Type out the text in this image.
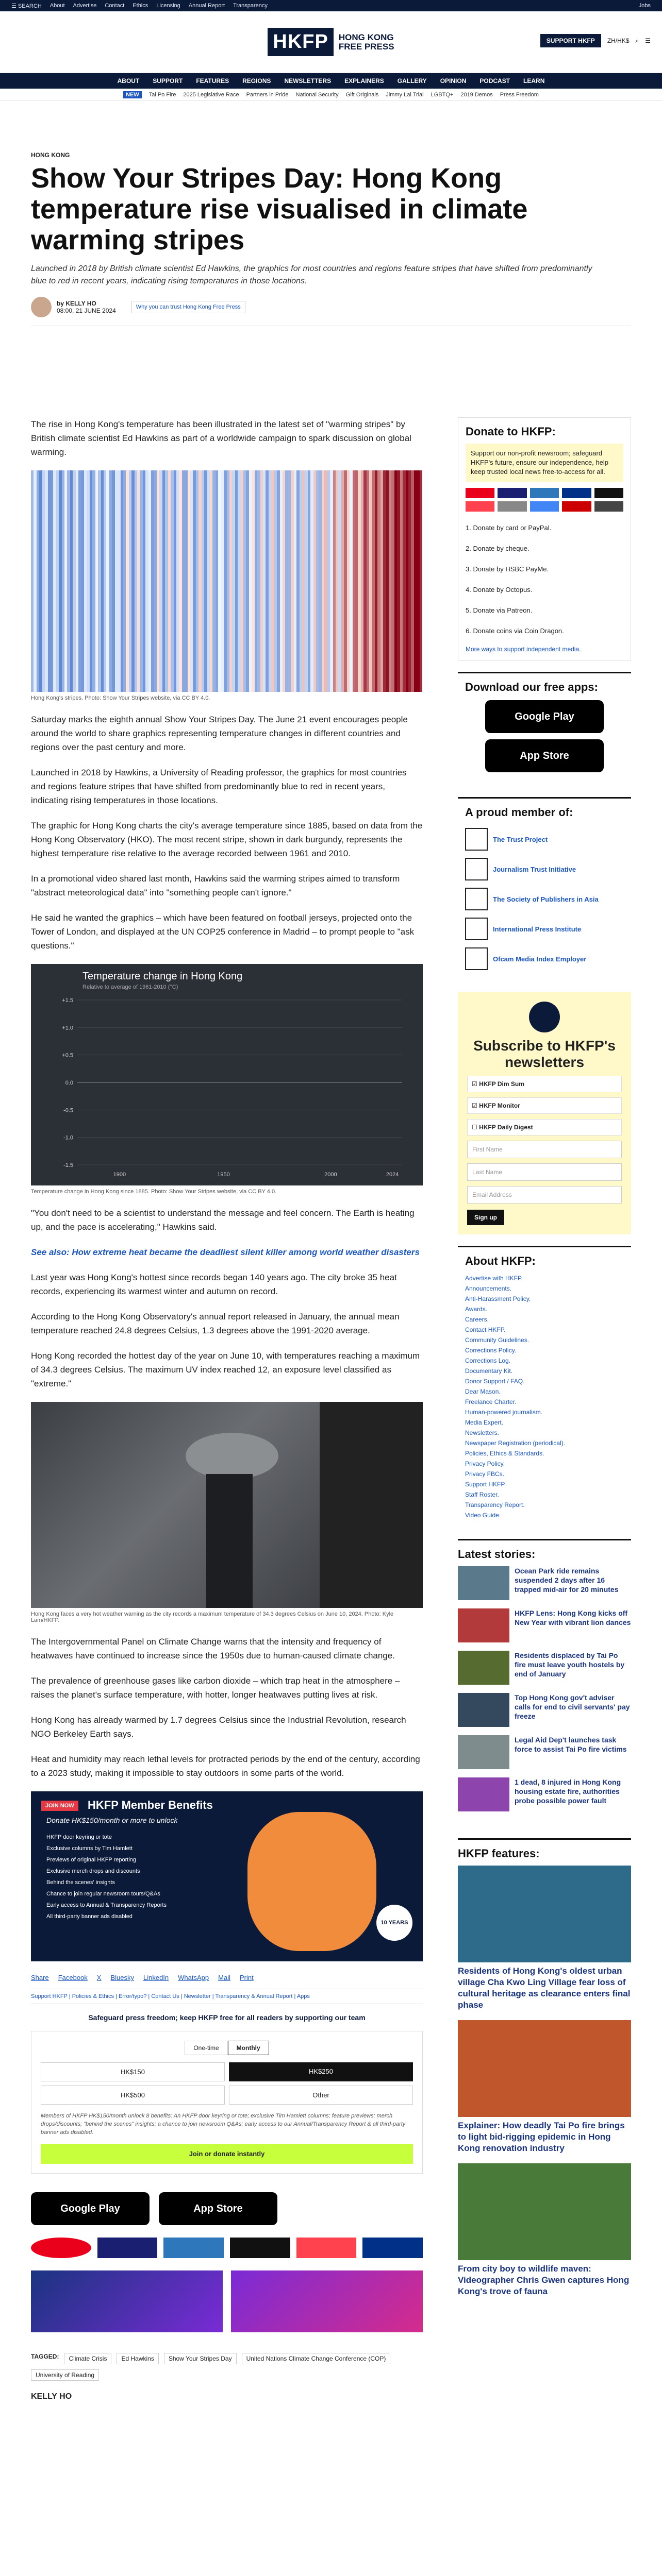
☰ SEARCH About Advertise Contact Ethics Licensing Annual Report Transparency	Jobs
HKFP	HONG KONG
FREE PRESS
SUPPORT HKFP	ZH/HK$ ⌕ ☰
ABOUT SUPPORT FEATURES REGIONS NEWSLETTERS EXPLAINERS GALLERY OPINION PODCAST LEARN
NEW	Tai Po Fire 2025 Legislative Race Partners in Pride National Security Gift Originals Jimmy Lai Trial LGBTQ+ 2019 Demos Press Freedom
HONG KONG
Show Your Stripes Day: Hong Kong temperature rise visualised in climate warming stripes
Launched in 2018 by British climate scientist Ed Hawkins, the graphics for most countries and regions feature stripes that have shifted from predominantly blue to red in recent years, indicating rising temperatures in those locations.
by KELLY HO
08:00, 21 JUNE 2024	Why you can trust Hong Kong Free Press

The rise in Hong Kong's temperature has been illustrated in the latest set of "warming stripes" by British climate scientist Ed Hawkins as part of a worldwide campaign to spark discussion on global warming.

Hong Kong's stripes. Photo: Show Your Stripes website, via CC BY 4.0.

Saturday marks the eighth annual Show Your Stripes Day. The June 21 event encourages people around the world to share graphics representing temperature changes in different countries and regions over the past century and more.

Launched in 2018 by Hawkins, a University of Reading professor, the graphics for most countries and regions feature stripes that have shifted from predominantly blue to red in recent years, indicating rising temperatures in those locations.

The graphic for Hong Kong charts the city's average temperature since 1885, based on data from the Hong Kong Observatory (HKO). The most recent stripe, shown in dark burgundy, represents the highest temperature rise relative to the average recorded between 1961 and 2010.

In a promotional video shared last month, Hawkins said the warming stripes aimed to transform "abstract meteorological data" into "something people can't ignore."

He said he wanted the graphics – which have been featured on football jerseys, projected onto the Tower of London, and displayed at the UN COP25 conference in Madrid – to prompt people to "ask questions."

Temperature change in Hong Kong
Relative to average of 1961-2010 (°C)
-1.5
-1.0
-0.5
0.0
+0.5
+1.0
+1.5
1900	1950	2000	2024
Temperature change in Hong Kong since 1885. Photo: Show Your Stripes website, via CC BY 4.0.

"You don't need to be a scientist to understand the message and feel concern. The Earth is heating up, and the pace is accelerating," Hawkins said.

See also: How extreme heat became the deadliest silent killer among world weather disasters

Last year was Hong Kong's hottest since records began 140 years ago. The city broke 35 heat records, experiencing its warmest winter and autumn on record.

According to the Hong Kong Observatory's annual report released in January, the annual mean temperature reached 24.8 degrees Celsius, 1.3 degrees above the 1991-2020 average.

Hong Kong recorded the hottest day of the year on June 10, with temperatures reaching a maximum of 34.3 degrees Celsius. The maximum UV index reached 12, an exposure level classified as "extreme."

Hong Kong faces a very hot weather warning as the city records a maximum temperature of 34.3 degrees Celsius on June 10, 2024. Photo: Kyle Lam/HKFP.

The Intergovernmental Panel on Climate Change warns that the intensity and frequency of heatwaves have continued to increase since the 1950s due to human-caused climate change.

The prevalence of greenhouse gases like carbon dioxide – which trap heat in the atmosphere – raises the planet's surface temperature, with hotter, longer heatwaves putting lives at risk.

Hong Kong has already warmed by 1.7 degrees Celsius since the Industrial Revolution, research NGO Berkeley Earth says.

Heat and humidity may reach lethal levels for protracted periods by the end of the century, according to a 2023 study, making it impossible to stay outdoors in some parts of the world.

JOIN NOW	HKFP Member Benefits
Donate HK$150/month or more to unlock
HKFP door keyring or tote
Exclusive columns by Tim Hamlett
Previews of original HKFP reporting
Exclusive merch drops and discounts
Behind the scenes' insights
Chance to join regular newsroom tours/Q&As
Early access to Annual & Transparency Reports
All third-party banner ads disabled
10 YEARS
Share Facebook X Bluesky LinkedIn WhatsApp Mail Print
Support HKFP | Policies & Ethics | Error/typo? | Contact Us | Newsletter | Transparency & Annual Report | Apps
Safeguard press freedom; keep HKFP free for all readers by supporting our team
One-time	Monthly
HK$150	HK$250
HK$500	Other
Members of HKFP HK$150/month unlock 8 benefits: An HKFP door keyring or tote; exclusive Tim Hamlett columns; feature previews; merch drops/discounts; "behind the scenes" insights; a chance to join newsroom Q&As; early access to our Annual/Transparency Report & all third-party banner ads disabled.
Join or donate instantly
Google Play	App Store
TAGGED:	Climate Crisis	Ed Hawkins	Show Your Stripes Day	United Nations Climate Change Conference (COP)
University of Reading
KELLY HO
Donate to HKFP:
Support our non-profit newsroom; safeguard HKFP's future, ensure our independence, help keep trusted local news free-to-access for all.
1. Donate by card or PayPal.
2. Donate by cheque.
3. Donate by HSBC PayMe.
4. Donate by Octopus.
5. Donate via Patreon.
6. Donate coins via Coin Dragon.
More ways to support independent media.
Download our free apps:
Google Play
App Store
A proud member of:
The Trust Project
Journalism Trust Initiative
The Society of Publishers in Asia
International Press Institute
Ofcam Media Index Employer
Subscribe to HKFP's newsletters
☑ HKFP Dim Sum
☑ HKFP Monitor
☐ HKFP Daily Digest
First Name
Last Name
Email Address
Sign up
About HKFP:
Advertise with HKFP.
Announcements.
Anti-Harassment Policy.
Awards.
Careers.
Contact HKFP.
Community Guidelines.
Corrections Policy.
Corrections Log.
Documentary Kit.
Donor Support / FAQ.
Dear Mason.
Freelance Charter.
Human-powered journalism.
Media Expert.
Newsletters.
Newspaper Registration (periodical).
Policies, Ethics & Standards.
Privacy Policy.
Privacy FBCs.
Support HKFP.
Staff Roster.
Transparency Report.
Video Guide.
Latest stories:
Ocean Park ride remains suspended 2 days after 16 trapped mid-air for 20 minutes
HKFP Lens: Hong Kong kicks off New Year with vibrant lion dances
Residents displaced by Tai Po fire must leave youth hostels by end of January
Top Hong Kong gov't adviser calls for end to civil servants' pay freeze
Legal Aid Dep't launches task force to assist Tai Po fire victims
1 dead, 8 injured in Hong Kong housing estate fire, authorities probe possible power fault
HKFP features:
Residents of Hong Kong's oldest urban village Cha Kwo Ling Village fear loss of cultural heritage as clearance enters final phase
Explainer: How deadly Tai Po fire brings to light bid-rigging epidemic in Hong Kong renovation industry
From city boy to wildlife maven: Videographer Chris Gwen captures Hong Kong's trove of fauna
